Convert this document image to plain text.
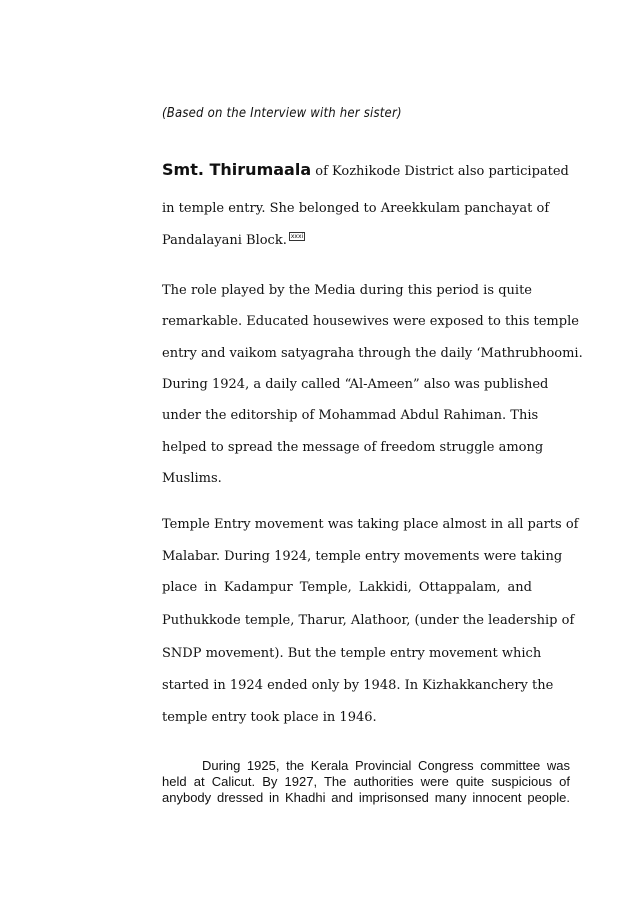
(Based on the Interview with her sister)
Smt. Thirumaala of Kozhikode District also participated
in temple entry. She belonged to Areekkulam panchayat of
Pandalayani Block. xxxi
The role played by the Media during this period is quite
remarkable. Educated housewives were exposed to this temple
entry and vaikom satyagraha through the daily ‘Mathrubhoomi.
During 1924, a daily called “Al-Ameen” also was published
under the editorship of Mohammad Abdul Rahiman. This
helped to spread the message of freedom struggle among
Muslims.
Temple Entry movement was taking place almost in all parts of
Malabar. During 1924, temple entry movements were taking
place in Kadampur Temple, Lakkidi, Ottappalam, and
Puthukkode temple, Tharur, Alathoor, (under the leadership of
SNDP movement). But the temple entry movement which
started in 1924 ended only by 1948. In Kizhakkanchery the
temple entry took place in 1946.
During 1925, the Kerala Provincial Congress committee was
held at Calicut. By 1927, The authorities were quite suspicious of
anybody dressed in Khadhi and imprisonsed many innocent people.
